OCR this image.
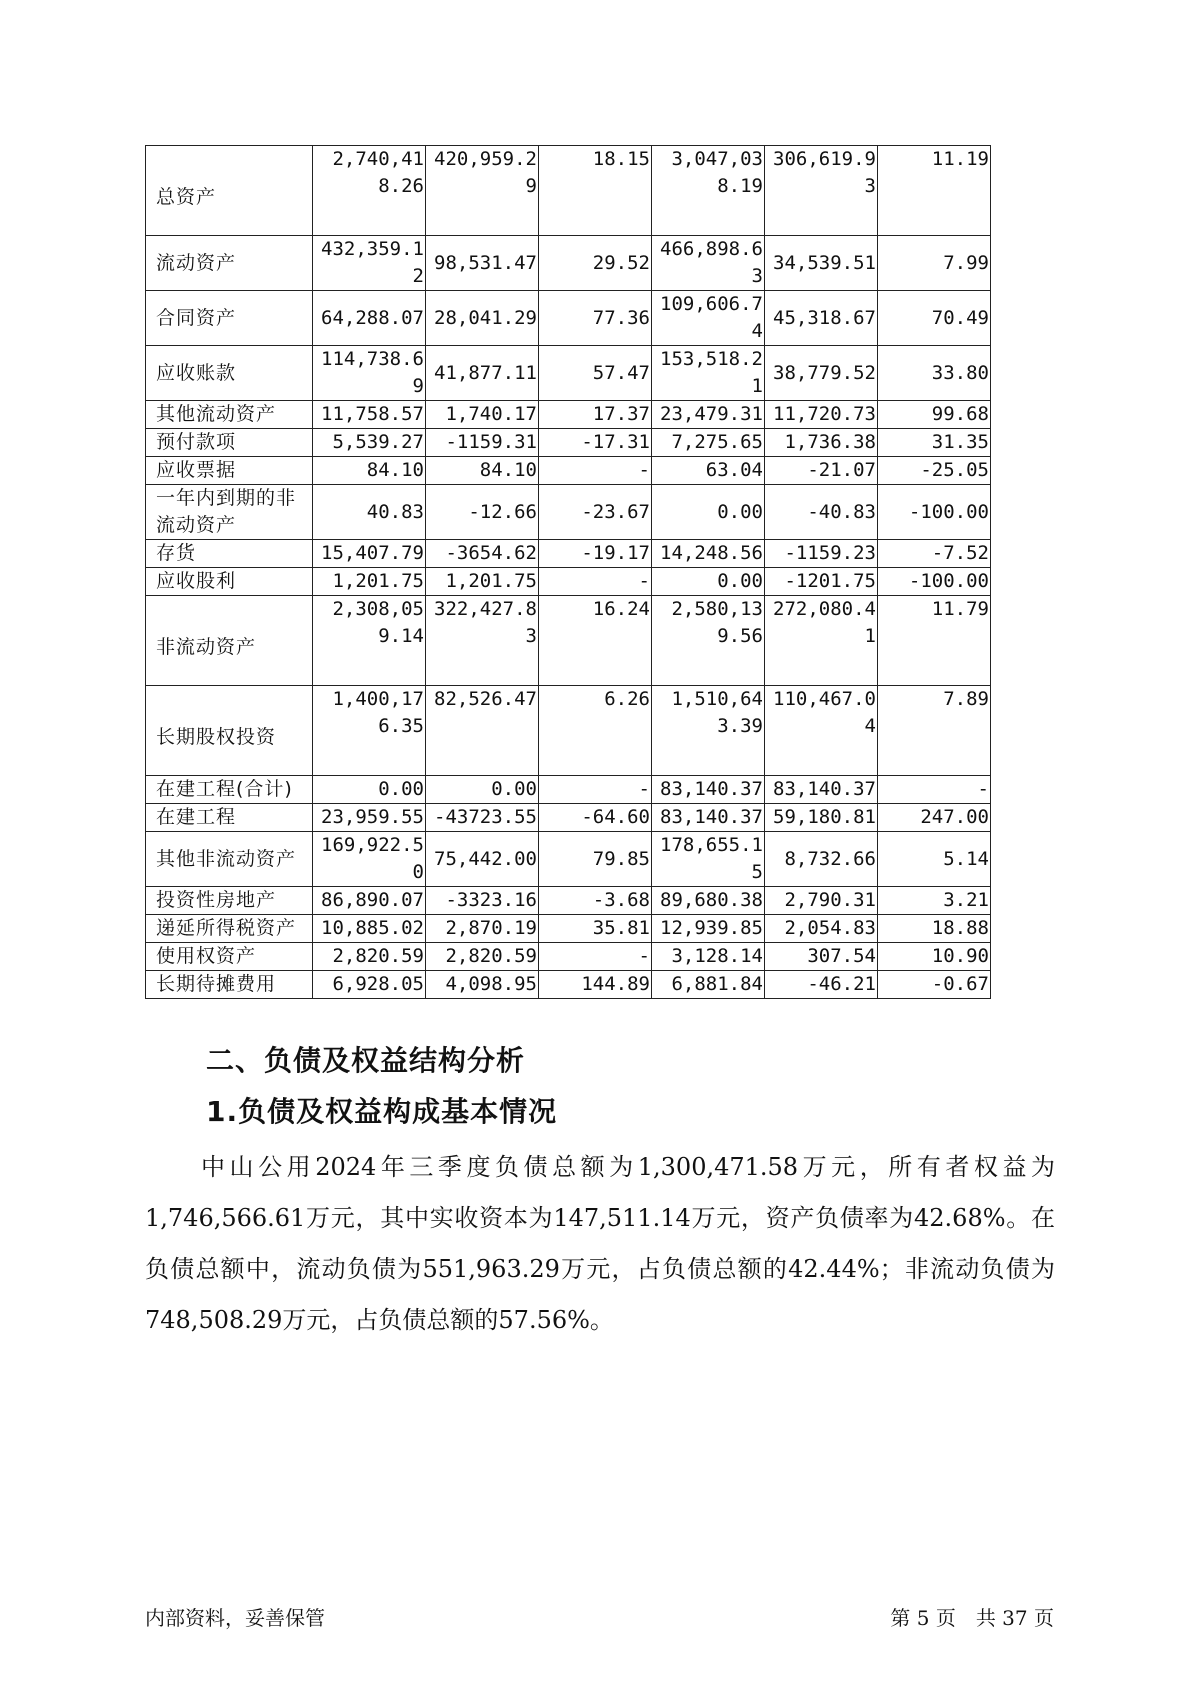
总资产	2,740,418.26	420,959.29	18.15	3,047,038.19	306,619.93	11.19
流动资产	432,359.12	98,531.47	29.52	466,898.63	34,539.51	7.99
合同资产	64,288.07	28,041.29	77.36	109,606.74	45,318.67	70.49
应收账款	114,738.69	41,877.11	57.47	153,518.21	38,779.52	33.80
其他流动资产	11,758.57	1,740.17	17.37	23,479.31	11,720.73	99.68
预付款项	5,539.27	-1159.31	-17.31	7,275.65	1,736.38	31.35
应收票据	84.10	84.10	-	63.04	-21.07	-25.05
一年内到期的非流动资产	40.83	-12.66	-23.67	0.00	-40.83	-100.00
存货	15,407.79	-3654.62	-19.17	14,248.56	-1159.23	-7.52
应收股利	1,201.75	1,201.75	-	0.00	-1201.75	-100.00
非流动资产	2,308,059.14	322,427.83	16.24	2,580,139.56	272,080.41	11.79
长期股权投资	1,400,176.35	82,526.47	6.26	1,510,643.39	110,467.04	7.89
在建工程(合计)	0.00	0.00	-	83,140.37	83,140.37	-
在建工程	23,959.55	-43723.55	-64.60	83,140.37	59,180.81	247.00
其他非流动资产	169,922.50	75,442.00	79.85	178,655.15	8,732.66	5.14
投资性房地产	86,890.07	-3323.16	-3.68	89,680.38	2,790.31	3.21
递延所得税资产	10,885.02	2,870.19	35.81	12,939.85	2,054.83	18.88
使用权资产	2,820.59	2,820.59	-	3,128.14	307.54	10.90
长期待摊费用	6,928.05	4,098.95	144.89	6,881.84	-46.21	-0.67
二、负债及权益结构分析
1.负债及权益构成基本情况

中山公用2024年三季度负债总额为1,300,471.58万元，所有者权益为1,746,566.61万元，其中实收资本为147,511.14万元，资产负债率为42.68%。在负债总额中，流动负债为551,963.29万元，占负债总额的42.44%；非流动负债为748,508.29万元，占负债总额的57.56%。

内部资料，妥善保管	第 5 页　共 37 页
